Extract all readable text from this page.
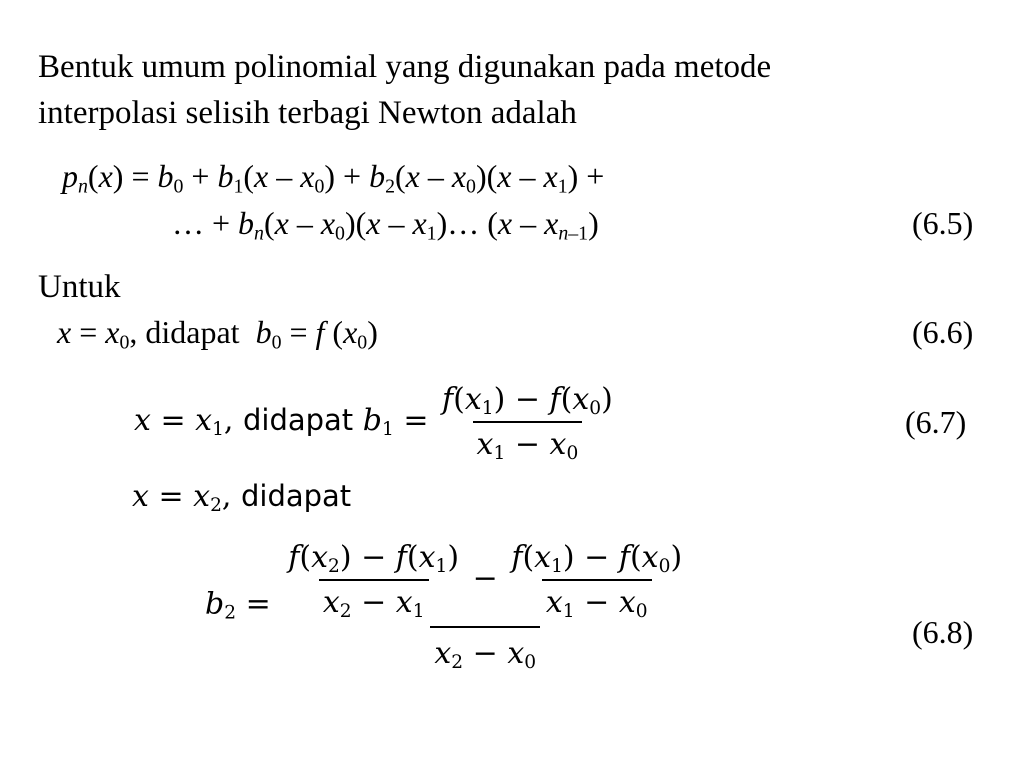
Bentuk umum polinomial yang digunakan pada metode
interpolasi selisih terbagi Newton adalah
$p_n(x) = b_0 + b_1(x - x_0) + b_2(x - x_0)(x - x_1)$ +
… + $b_n(x - x_0)(x$ – $x_1)\dots$ $(x - x_{n-1})$	(6.5)
Untuk
$x = x_0$, didapat $b_0 = f$ $(x_0)$	(6.6)
$x = x_1$, didapat $b_1 = \frac{f(x_1) - f(x_0)}{x_1 - x_0}$	(6.7)
$x = x_2$, didapat
$b_2 = \frac{f(x_2) - f(x_1)}{x_2 - x_1} - \frac{f(x_1) - f(x_0)}{x_1 - x_0}$
$x_2 - x_0$
(6.8)
